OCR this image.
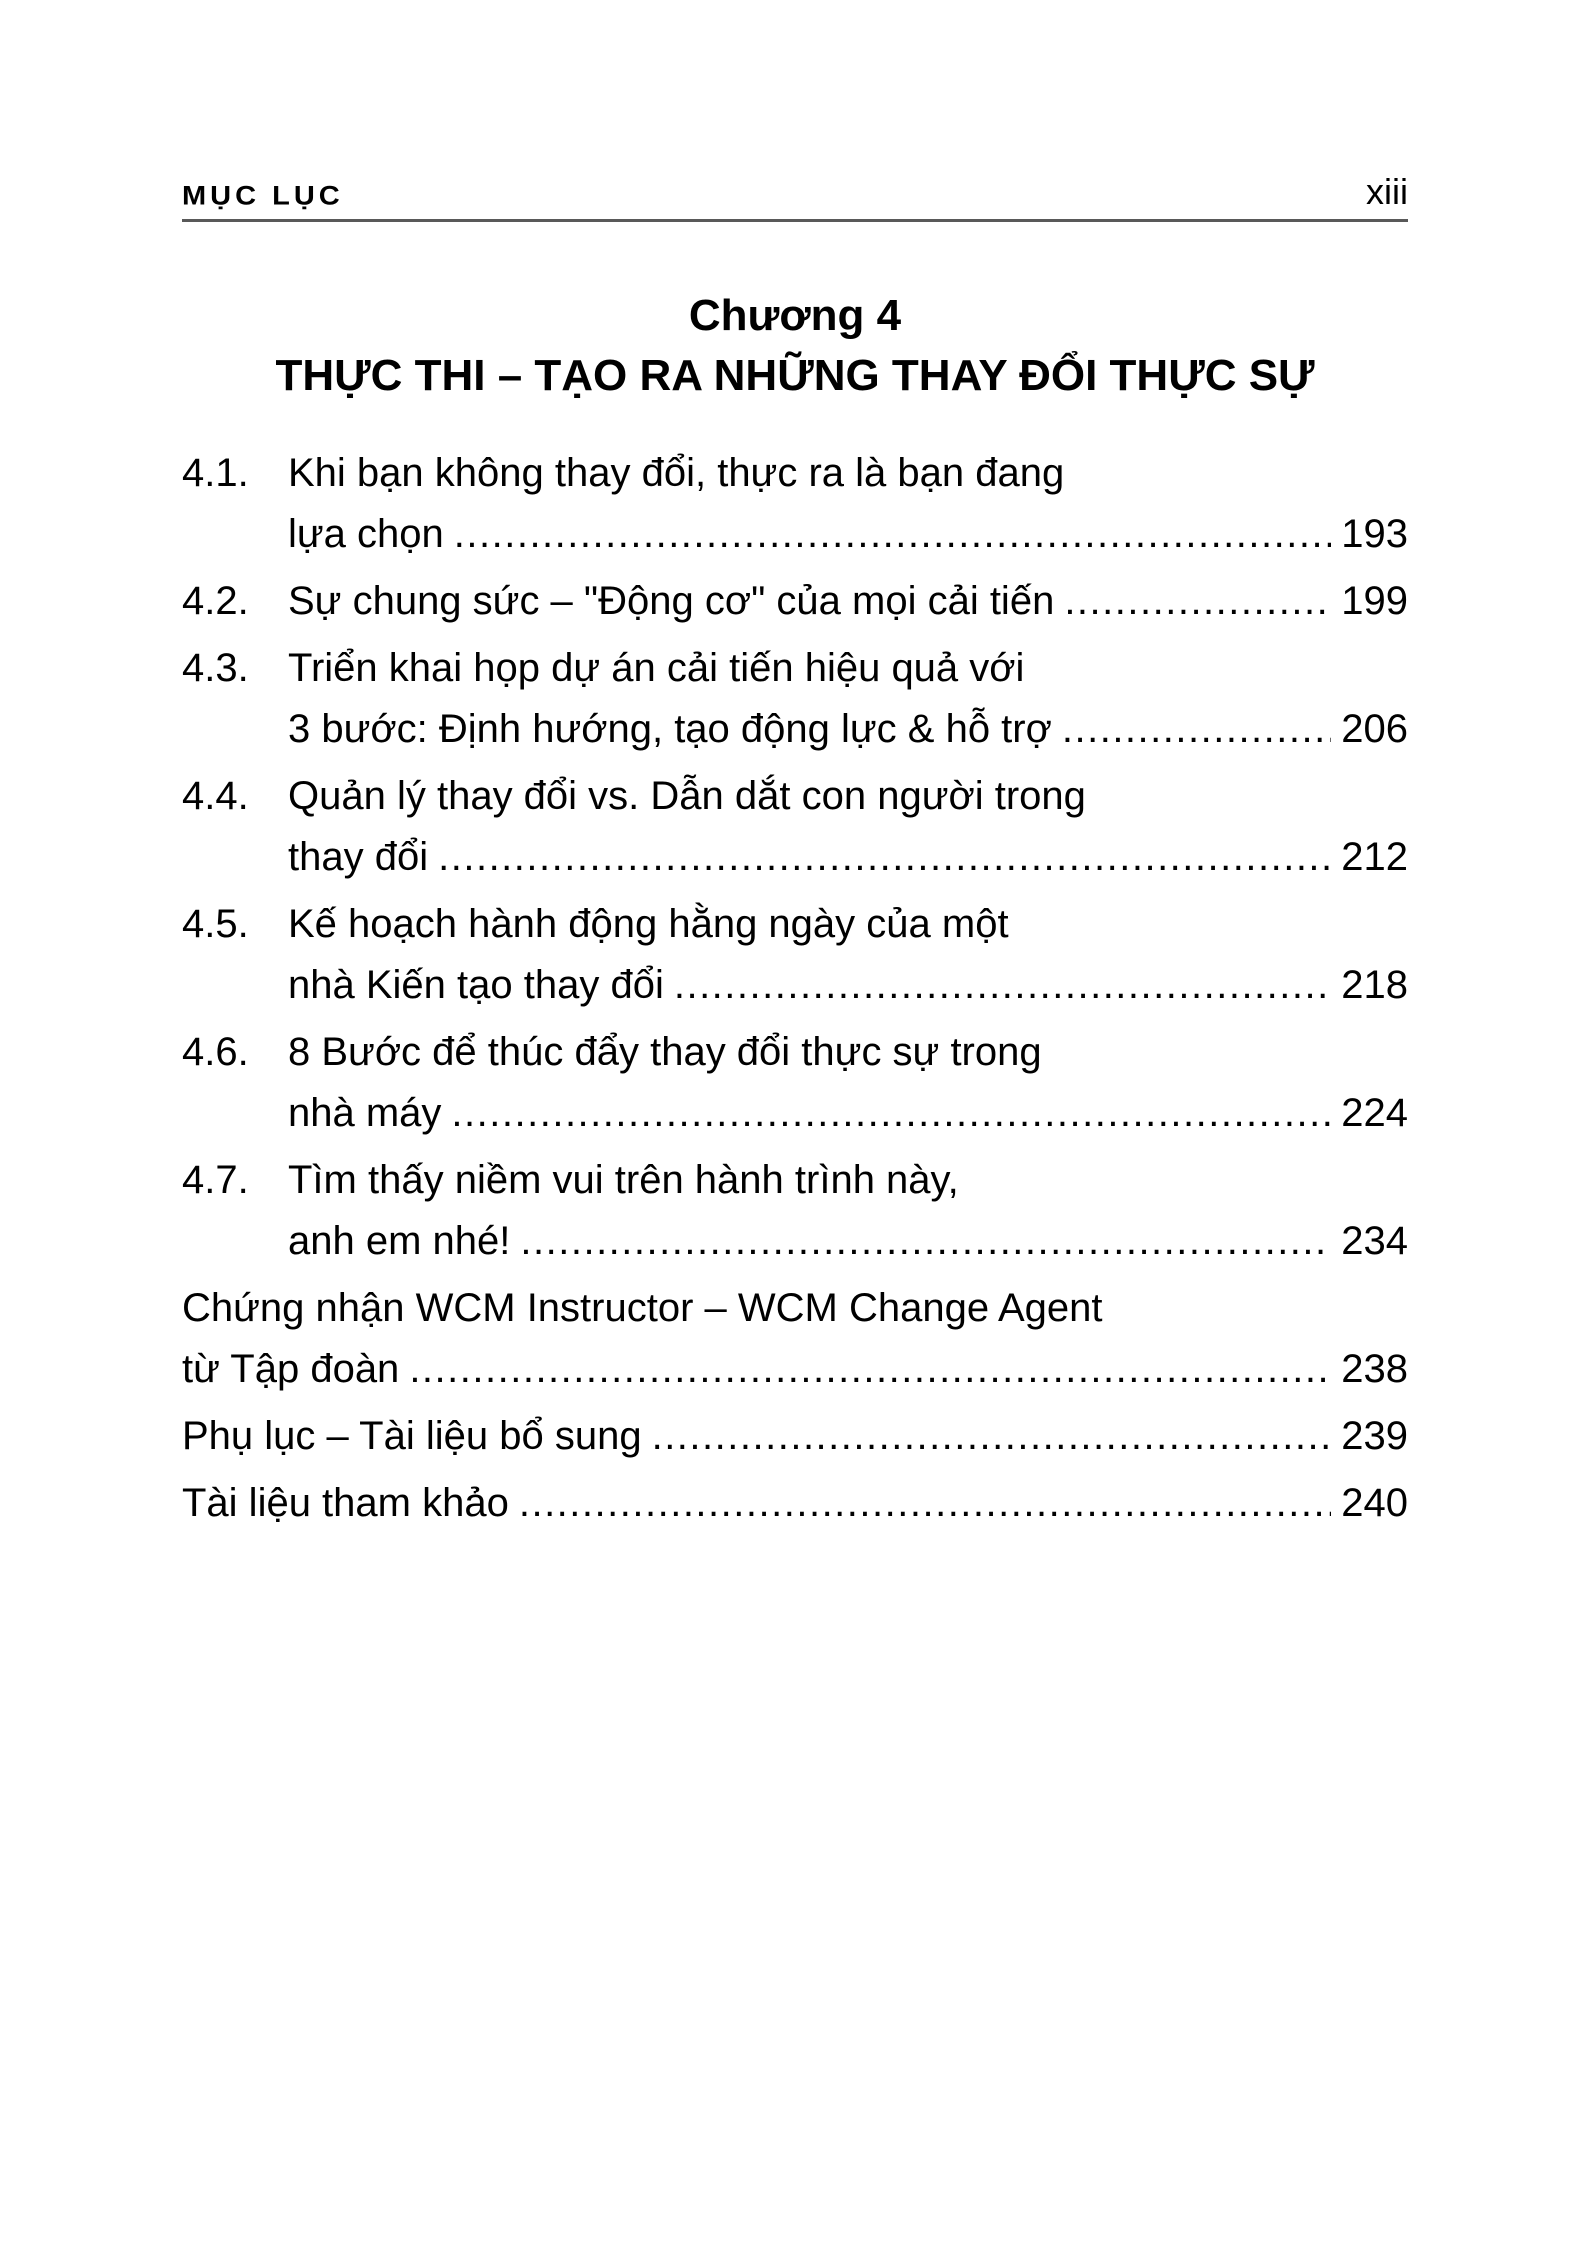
MỤC LỤC	xiii
Chương 4
THỰC THI – TẠO RA NHỮNG THAY ĐỔI THỰC SỰ
4.1. Khi bạn không thay đổi, thực ra là bạn đang
lựa chọn .....	193
4.2. Sự chung sức – "Động cơ" của mọi cải tiến .....	199
4.3. Triển khai họp dự án cải tiến hiệu quả với
3 bước: Định hướng, tạo động lực & hỗ trợ .....	206
4.4. Quản lý thay đổi vs. Dẫn dắt con người trong
thay đổi .....	212
4.5. Kế hoạch hành động hằng ngày của một
nhà Kiến tạo thay đổi .....	218
4.6. 8 Bước để thúc đẩy thay đổi thực sự trong
nhà máy .....	224
4.7. Tìm thấy niềm vui trên hành trình này,
anh em nhé! .....	234
Chứng nhận WCM Instructor – WCM Change Agent
từ Tập đoàn .....	238
Phụ lục – Tài liệu bổ sung .....	239
Tài liệu tham khảo .....	240
